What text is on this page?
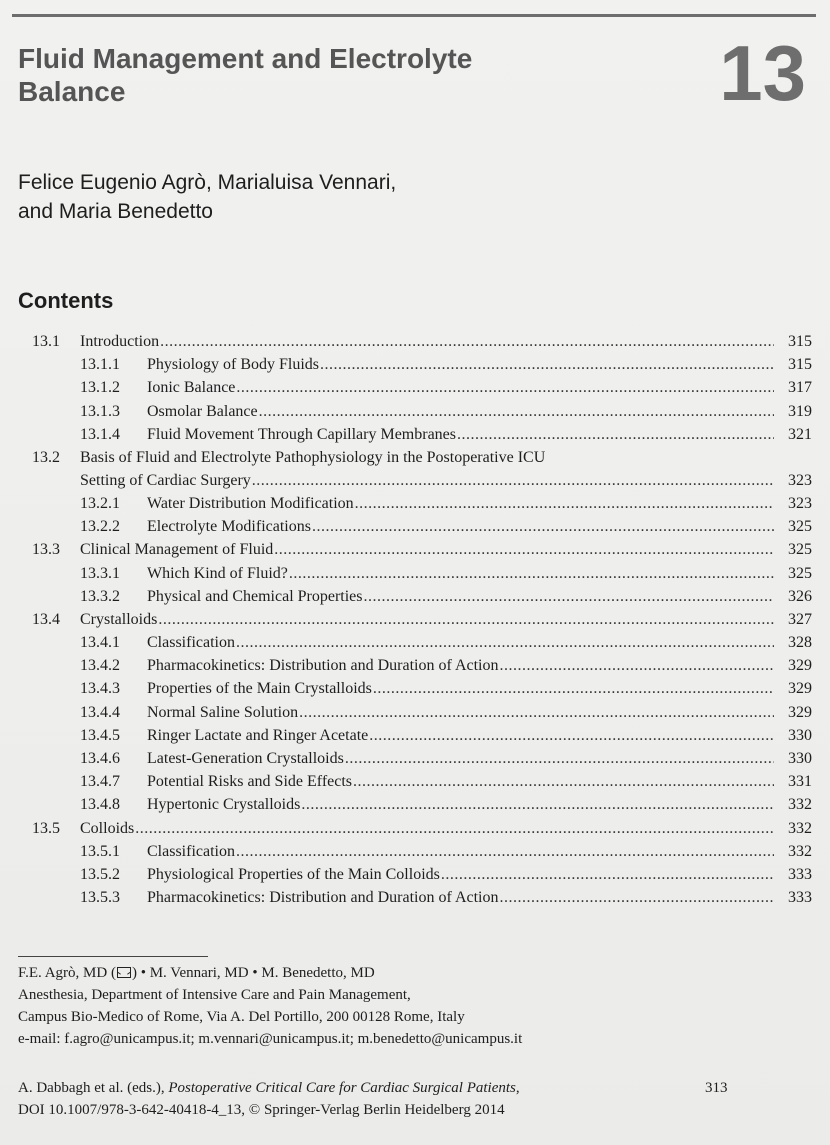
Fluid Management and Electrolyte
Balance	13
Felice Eugenio Agrò, Marialuisa Vennari,
and Maria Benedetto
Contents
13.1 Introduction .....	315
13.1.1 Physiology of Body Fluids .....	315
13.1.2 Ionic Balance .....	317
13.1.3 Osmolar Balance .....	319
13.1.4 Fluid Movement Through Capillary Membranes .....	321
13.2 Basis of Fluid and Electrolyte Pathophysiology in the Postoperative ICU
Setting of Cardiac Surgery .....	323
13.2.1 Water Distribution Modification .....	323
13.2.2 Electrolyte Modifications .....	325
13.3 Clinical Management of Fluid .....	325
13.3.1 Which Kind of Fluid? .....	325
13.3.2 Physical and Chemical Properties .....	326
13.4 Crystalloids .....	327
13.4.1 Classification .....	328
13.4.2 Pharmacokinetics: Distribution and Duration of Action .....	329
13.4.3 Properties of the Main Crystalloids .....	329
13.4.4 Normal Saline Solution .....	329
13.4.5 Ringer Lactate and Ringer Acetate .....	330
13.4.6 Latest-Generation Crystalloids .....	330
13.4.7 Potential Risks and Side Effects .....	331
13.4.8 Hypertonic Crystalloids .....	332
13.5 Colloids .....	332
13.5.1 Classification .....	332
13.5.2 Physiological Properties of the Main Colloids .....	333
13.5.3 Pharmacokinetics: Distribution and Duration of Action .....	333
F.E. Agrò, MD ( ) • M. Vennari, MD • M. Benedetto, MD
Anesthesia, Department of Intensive Care and Pain Management,
Campus Bio-Medico of Rome, Via A. Del Portillo, 200 00128 Rome, Italy
e-mail: f.agro@unicampus.it; m.vennari@unicampus.it; m.benedetto@unicampus.it
A. Dabbagh et al. (eds.), Postoperative Critical Care for Cardiac Surgical Patients,
DOI 10.1007/978-3-642-40418-4_13, © Springer-Verlag Berlin Heidelberg 2014
313
